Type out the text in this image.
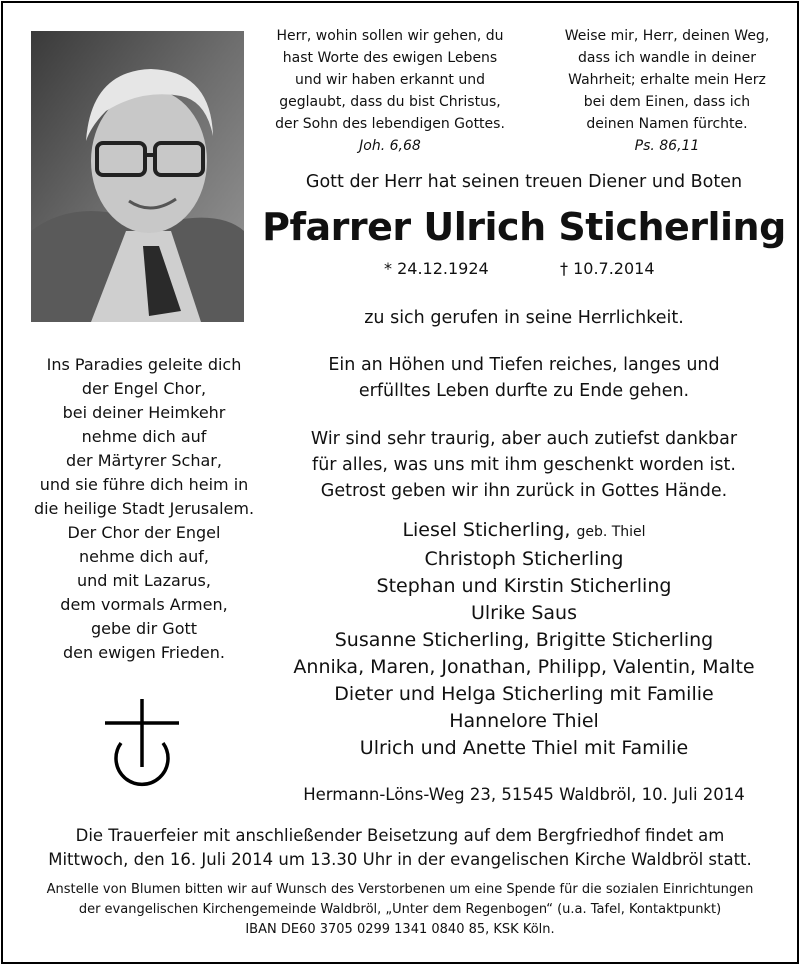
Herr, wohin sollen wir gehen, du
hast Worte des ewigen Lebens
und wir haben erkannt und
geglaubt, dass du bist Christus,
der Sohn des lebendigen Gottes.
Joh. 6,68
Weise mir, Herr, deinen Weg,
dass ich wandle in deiner
Wahrheit; erhalte mein Herz
bei dem Einen, dass ich
deinen Namen fürchte.
Ps. 86,11
Gott der Herr hat seinen treuen Diener und Boten
Pfarrer Ulrich Sticherling
* 24.12.1924	† 10.7.2014
zu sich gerufen in seine Herrlichkeit.
Ein an Höhen und Tiefen reiches, langes und
erfülltes Leben durfte zu Ende gehen.
Wir sind sehr traurig, aber auch zutiefst dankbar
für alles, was uns mit ihm geschenkt worden ist.
Getrost geben wir ihn zurück in Gottes Hände.
Ins Paradies geleite dich
der Engel Chor,
bei deiner Heimkehr
nehme dich auf
der Märtyrer Schar,
und sie führe dich heim in
die heilige Stadt Jerusalem.
Der Chor der Engel
nehme dich auf,
und mit Lazarus,
dem vormals Armen,
gebe dir Gott
den ewigen Frieden.
Liesel Sticherling, geb. Thiel
Christoph Sticherling
Stephan und Kirstin Sticherling
Ulrike Saus
Susanne Sticherling, Brigitte Sticherling
Annika, Maren, Jonathan, Philipp, Valentin, Malte
Dieter und Helga Sticherling mit Familie
Hannelore Thiel
Ulrich und Anette Thiel mit Familie
Hermann-Löns-Weg 23, 51545 Waldbröl, 10. Juli 2014
Die Trauerfeier mit anschließender Beisetzung auf dem Bergfriedhof findet am
Mittwoch, den 16. Juli 2014 um 13.30 Uhr in der evangelischen Kirche Waldbröl statt.
Anstelle von Blumen bitten wir auf Wunsch des Verstorbenen um eine Spende für die sozialen Einrichtungen
der evangelischen Kirchengemeinde Waldbröl, „Unter dem Regenbogen“ (u.a. Tafel, Kontaktpunkt)
IBAN DE60 3705 0299 1341 0840 85, KSK Köln.
